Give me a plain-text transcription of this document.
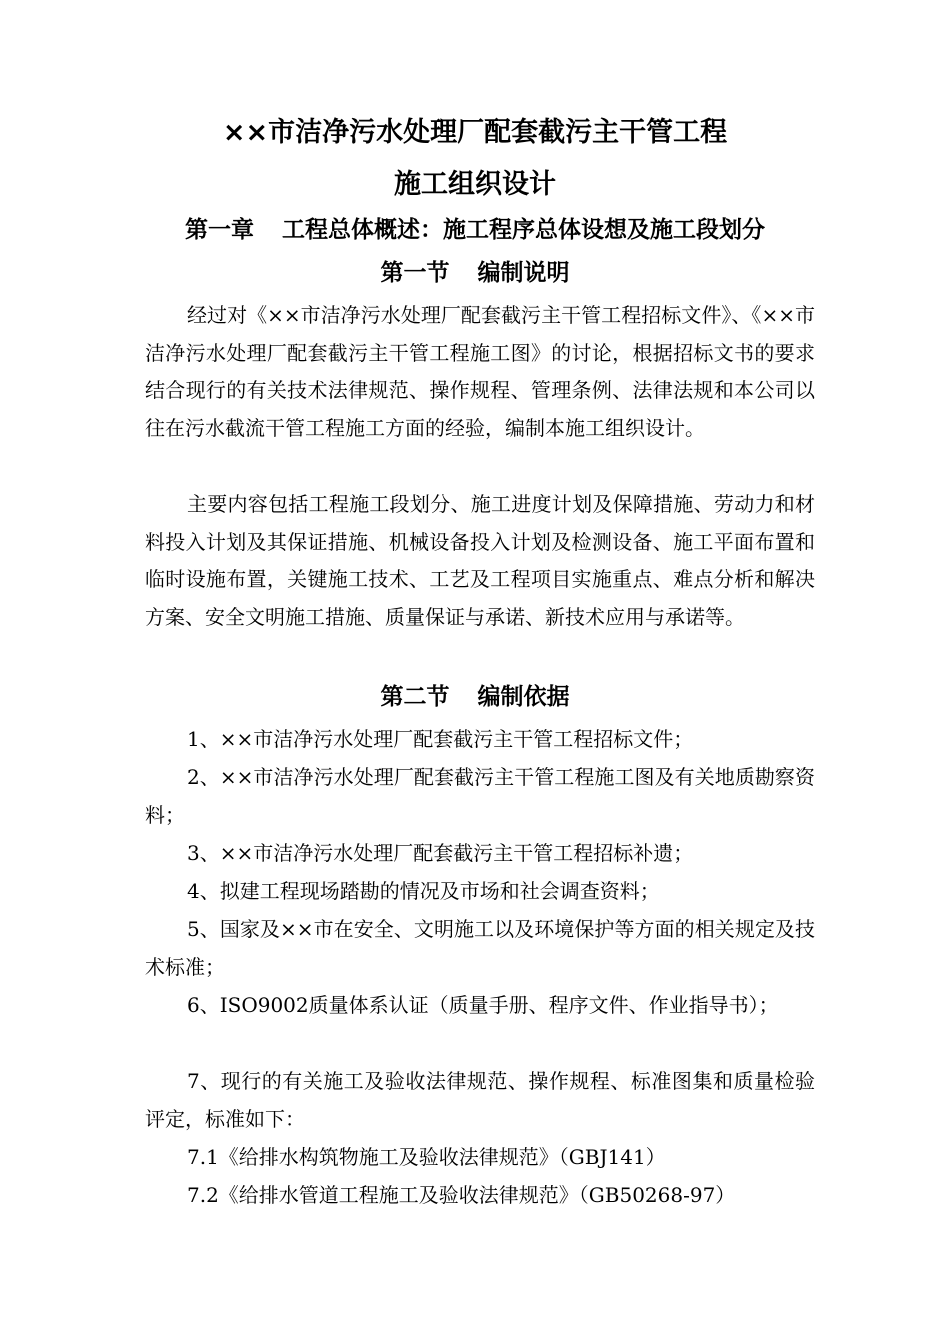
××市洁净污水处理厂配套截污主干管工程
施工组织设计
第一章 工程总体概述：施工程序总体设想及施工段划分
第一节 编制说明

经过对《××市洁净污水处理厂配套截污主干管工程招标文件》、《××市洁净污水处理厂配套截污主干管工程施工图》的讨论，根据招标文书的要求结合现行的有关技术法律规范、操作规程、管理条例、法律法规和本公司以往在污水截流干管工程施工方面的经验，编制本施工组织设计。

主要内容包括工程施工段划分、施工进度计划及保障措施、劳动力和材料投入计划及其保证措施、机械设备投入计划及检测设备、施工平面布置和临时设施布置，关键施工技术、工艺及工程项目实施重点、难点分析和解决方案、安全文明施工措施、质量保证与承诺、新技术应用与承诺等。

第二节 编制依据

1、××市洁净污水处理厂配套截污主干管工程招标文件；

2、××市洁净污水处理厂配套截污主干管工程施工图及有关地质勘察资料；

3、××市洁净污水处理厂配套截污主干管工程招标补遗；

4、拟建工程现场踏勘的情况及市场和社会调查资料；

5、国家及××市在安全、文明施工以及环境保护等方面的相关规定及技术标准；

6、ISO9002质量体系认证（质量手册、程序文件、作业指导书）；

7、现行的有关施工及验收法律规范、操作规程、标准图集和质量检验评定，标准如下：

7.1《给排水构筑物施工及验收法律规范》（GBJ141）
7.2《给排水管道工程施工及验收法律规范》（GB50268-97）
